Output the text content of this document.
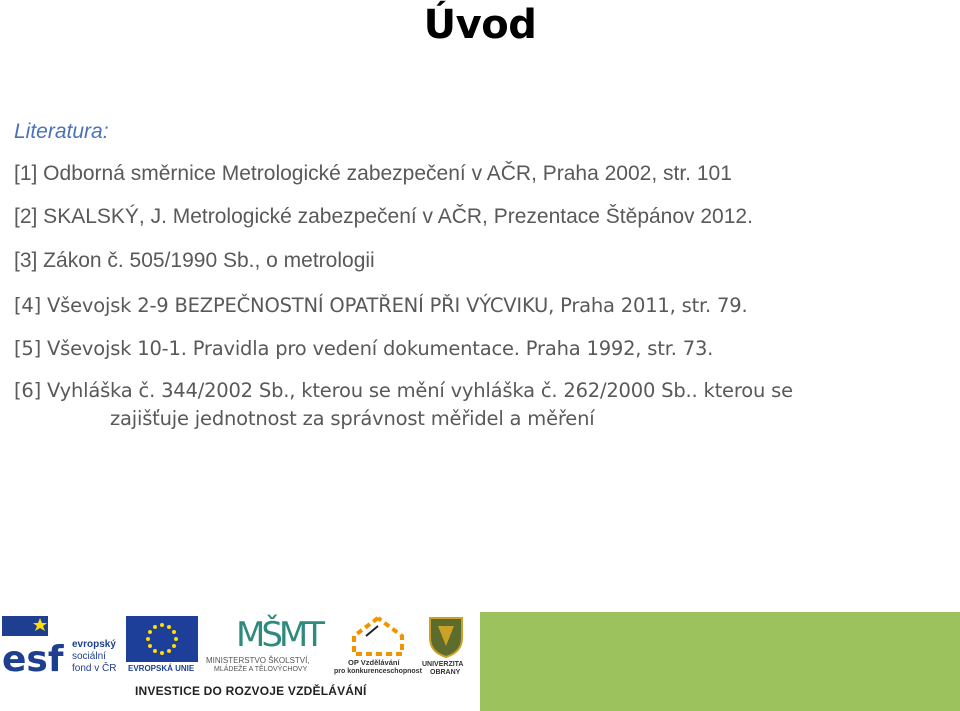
Úvod
Literatura:
[1] Odborná směrnice Metrologické zabezpečení v AČR, Praha 2002, str. 101
[2] SKALSKÝ, J. Metrologické zabezpečení v AČR, Prezentace Štěpánov 2012.
[3] Zákon č. 505/1990 Sb., o metrologii
[4] Vševojsk 2-9 BEZPEČNOSTNÍ OPATŘENÍ PŘI VÝCVIKU, Praha 2011, str. 79.
[5] Vševojsk 10-1. Pravidla pro vedení dokumentace. Praha 1992, str. 73.
[6] Vyhláška č. 344/2002 Sb., kterou se mění vyhláška č. 262/2000 Sb.. kterou se
zajišťuje jednotnost za správnost měřidel a měření
esf evropský
sociální
fond v ČR EVROPSKÁ UNIE
MŠMT
MINISTERSTVO ŠKOLSTVÍ,
MLÁDEŽE A TĚLOVÝCHOVY
OP Vzdělávání
pro konkurenceschopnost
UNIVERZITA
OBRANY
INVESTICE DO ROZVOJE VZDĚLÁVÁNÍ
